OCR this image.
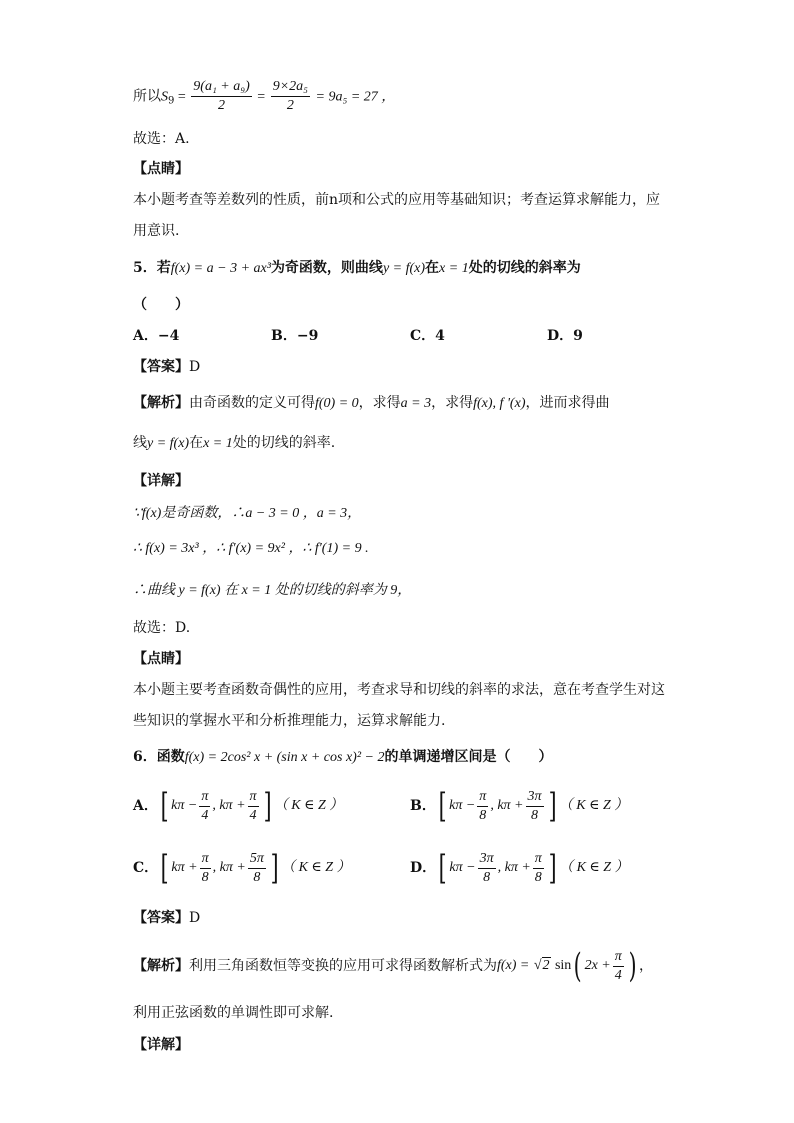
所以$S_9 = \frac{\text{9(a₁ + a₉)}}{2} = \frac{\text{9×2a₅}}{2} = 9a_5 = 27$ ，
故选：A.
【点睛】
本小题考查等差数列的性质，前n项和公式的应用等基础知识；考查运算求解能力，应
用意识.
5．若f(x) = a − 3 + ax³为奇函数，则曲线y = f(x)在x = 1处的切线的斜率为
（　　）
A．−4	B．−9	C．4	D．9
【答案】D
【解析】由奇函数的定义可得f(0) = 0，求得a = 3，求得f(x), f '(x)，进而求得曲
线y = f(x)在x = 1处的切线的斜率.
【详解】
∵f(x)是奇函数，∴a − 3 = 0 ，a = 3，
∴ f(x) = 3x³ ，∴ f′(x) = 9x² ，∴ f′(1) = 9 .
∴曲线 y = f(x) 在 x = 1 处的切线的斜率为 9，
故选：D.
【点睛】
本小题主要考查函数奇偶性的应用，考查求导和切线的斜率的求法，意在考查学生对这
些知识的掌握水平和分析推理能力，运算求解能力.
6．函数f(x) = 2cos² x + (sin x + cos x)² − 2的单调递增区间是（　　）
A．[ $k\pi - \frac{\pi}{4}$ , $k\pi + \frac{\pi}{4}$ ] （ K ∈ Z ）	B．[ $k\pi - \frac{\pi}{8}$ , $k\pi + \frac{3\pi}{8}$ ] （ K ∈ Z ）
C．[ $k\pi + \frac{\pi}{8}$ , $k\pi + \frac{5\pi}{8}$ ] （ K ∈ Z ）	D．[ $k\pi - \frac{3\pi}{8}$ , $k\pi + \frac{\pi}{8}$ ] （ K ∈ Z ）
【答案】D
【解析】利用三角函数恒等变换的应用可求得函数解析式为f(x) = √2 sin( $2x + \frac{\pi}{4}$ ) ，
利用正弦函数的单调性即可求解.
【详解】
